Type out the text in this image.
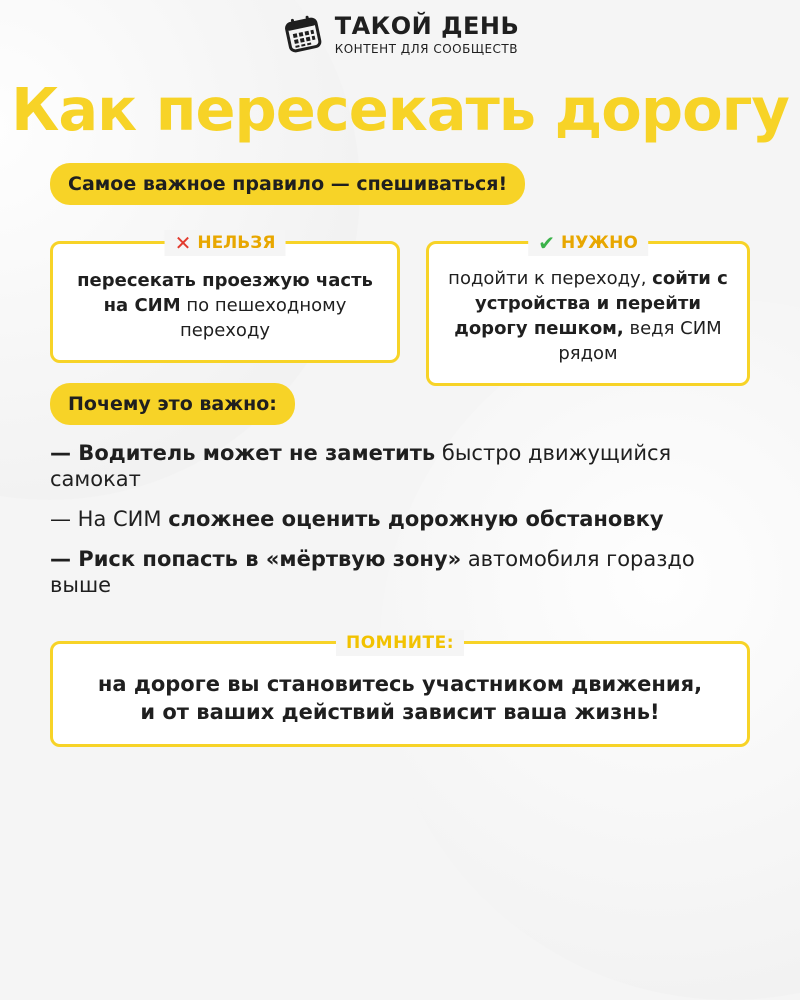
ТАКОЙ ДЕНЬ
КОНТЕНТ ДЛЯ СООБЩЕСТВ
Как пересекать дорогу
Самое важное правило — спешиваться!
✕ НЕЛЬЗЯ
пересекать проезжую часть на СИМ по пешеходному переходу
✔ НУЖНО
подойти к переходу, сойти с устройства и перейти дорогу пешком, ведя СИМ рядом
Почему это важно:
— Водитель может не заметить быстро движущийся самокат
— На СИМ сложнее оценить дорожную обстановку
— Риск попасть в «мёртвую зону» автомобиля гораздо выше
ПОМНИТЕ:
на дороге вы становитесь участником движения,
и от ваших действий зависит ваша жизнь!
